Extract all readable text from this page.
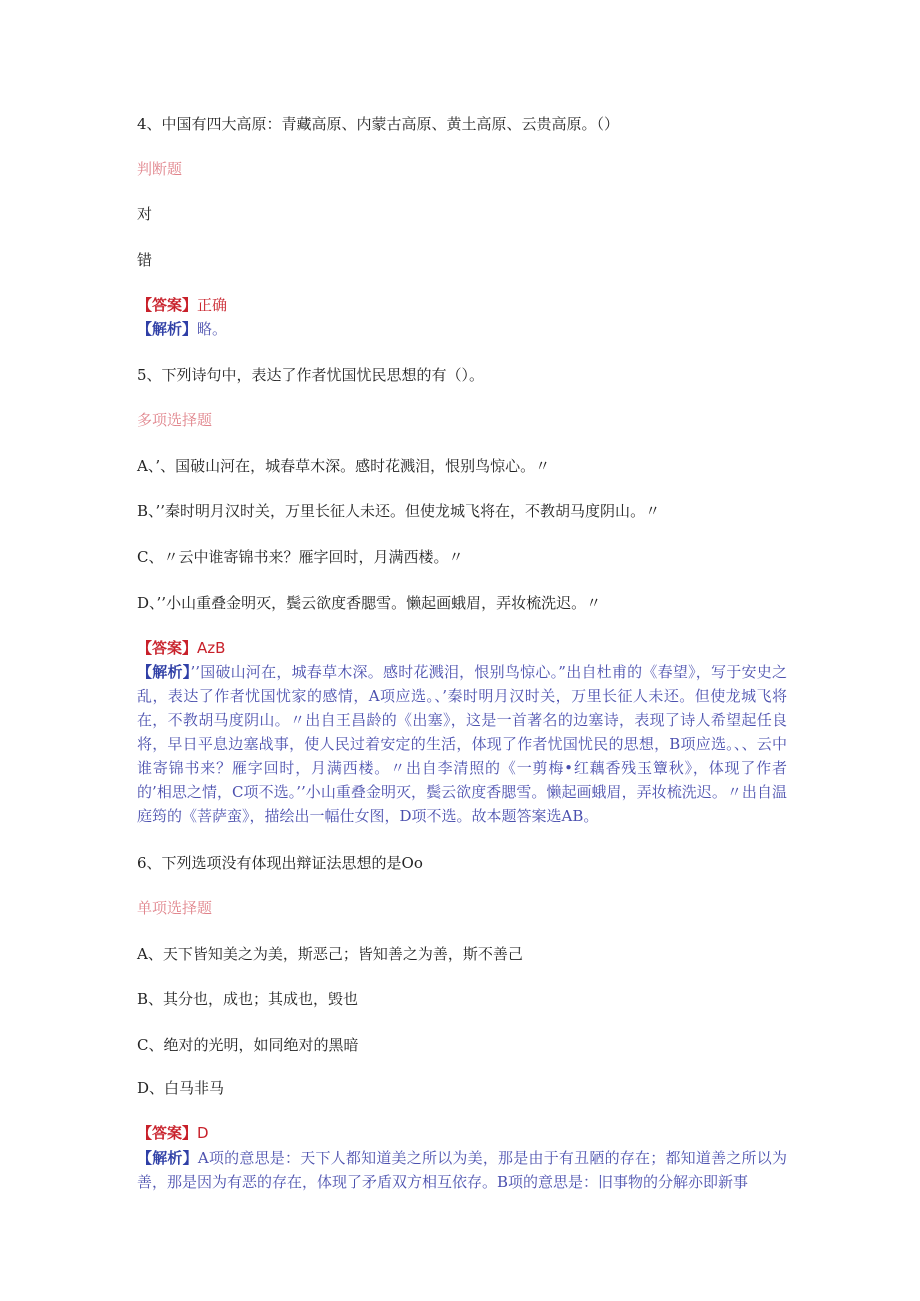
4、中国有四大高原：青藏高原、内蒙古高原、黄土高原、云贵高原。（）

判断题

对

错

【答案】正确

【解析】略。

5、下列诗句中，表达了作者忧国忧民思想的有（）。

多项选择题

A、’、国破山河在，城春草木深。感时花溅泪，恨别鸟惊心。〃

B、’’秦时明月汉时关，万里长征人未还。但使龙城飞将在，不教胡马度阴山。〃

C、〃云中谁寄锦书来？雁字回时，月满西楼。〃

D、’’小山重叠金明灭，鬓云欲度香腮雪。懒起画蛾眉，弄妆梳洗迟。〃

【答案】AzB

【解析】’’国破山河在，城春草木深。感时花溅泪，恨别鸟惊心。”出自杜甫的《春望》，写于安史之乱，表达了作者忧国忧家的感情，A项应选。、’秦时明月汉时关，万里长征人未还。但使龙城飞将在，不教胡马度阴山。〃出自王昌龄的《出塞》，这是一首著名的边塞诗，表现了诗人希望起任良将，早日平息边塞战事，使人民过着安定的生活，体现了作者忧国忧民的思想，B项应选。、、云中谁寄锦书来？雁字回时，月满西楼。〃出自李清照的《一剪梅•红藕香残玉簟秋》，体现了作者的’相思之情，C项不选。’’小山重叠金明灭，鬓云欲度香腮雪。懒起画蛾眉，弄妆梳洗迟。〃出自温庭筠的《菩萨蛮》，描绘出一幅仕女图，D项不选。故本题答案选AB。

6、下列选项没有体现出辩证法思想的是Oo

单项选择题

A、天下皆知美之为美，斯恶己；皆知善之为善，斯不善己

B、其分也，成也；其成也，毁也

C、绝对的光明，如同绝对的黑暗

D、白马非马

【答案】D

【解析】A项的意思是：天下人都知道美之所以为美，那是由于有丑陋的存在；都知道善之所以为善，那是因为有恶的存在，体现了矛盾双方相互依存。B项的意思是：旧事物的分解亦即新事
